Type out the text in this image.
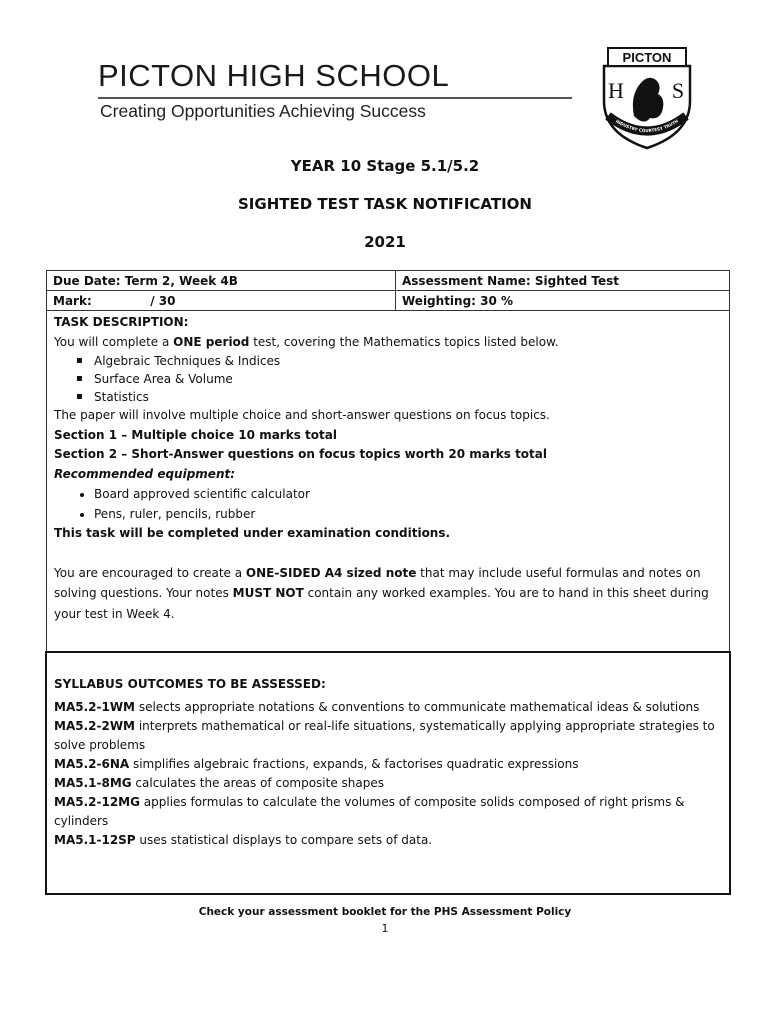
PICTON HIGH SCHOOL
Creating Opportunities Achieving Success
PICTON
H S
INDUSTRY COURTESY TRUTH
YEAR 10 Stage 5.1/5.2
SIGHTED TEST TASK NOTIFICATION
2021
Due Date: Term 2, Week 4B	Assessment Name: Sighted Test
Mark:              / 30	Weighting: 30 %

TASK DESCRIPTION:

You will complete a ONE period test, covering the Mathematics topics listed below.

▪ Algebraic Techniques & Indices
▪ Surface Area & Volume
▪ Statistics

The paper will involve multiple choice and short-answer questions on focus topics.

Section 1 – Multiple choice 10 marks total

Section 2 – Short-Answer questions on focus topics worth 20 marks total

Recommended equipment:

• Board approved scientific calculator
• Pens, ruler, pencils, rubber

This task will be completed under examination conditions.

You are encouraged to create a ONE-SIDED A4 sized note that may include useful formulas and notes on solving questions. Your notes MUST NOT contain any worked examples. You are to hand in this sheet during your test in Week 4.

SYLLABUS OUTCOMES TO BE ASSESSED:

MA5.2-1WM selects appropriate notations & conventions to communicate mathematical ideas & solutions

MA5.2-2WM interprets mathematical or real-life situations, systematically applying appropriate strategies to solve problems

MA5.2-6NA simplifies algebraic fractions, expands, & factorises quadratic expressions

MA5.1-8MG calculates the areas of composite shapes

MA5.2-12MG applies formulas to calculate the volumes of composite solids composed of right prisms & cylinders

MA5.1-12SP uses statistical displays to compare sets of data.

Check your assessment booklet for the PHS Assessment Policy
1
